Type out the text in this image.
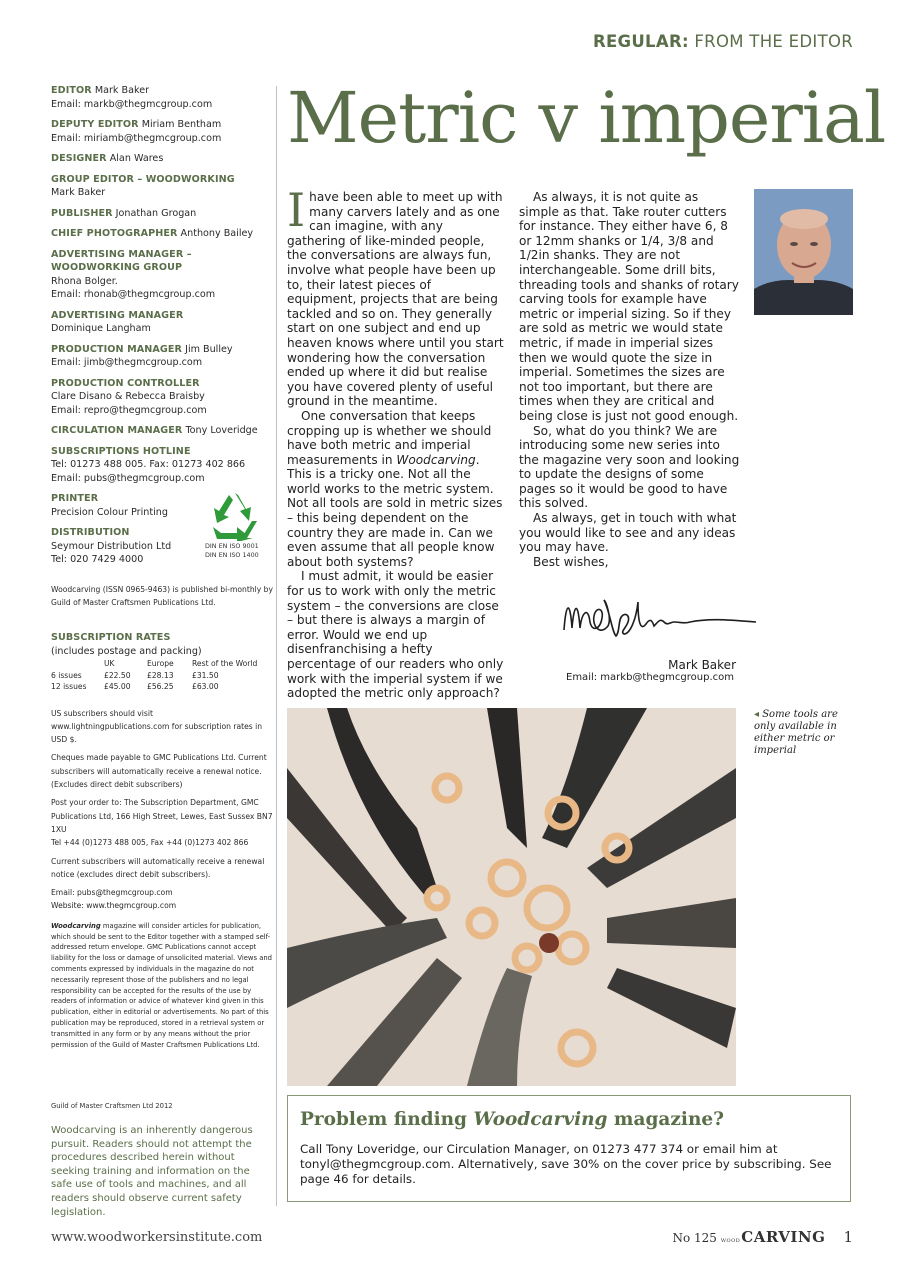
REGULAR: FROM THE EDITOR
EDITOR Mark Baker
Email: markb@thegmcgroup.com
DEPUTY EDITOR Miriam Bentham
Email: miriamb@thegmcgroup.com
DESIGNER Alan Wares
GROUP EDITOR – WOODWORKING
Mark Baker
PUBLISHER Jonathan Grogan
CHIEF PHOTOGRAPHER Anthony Bailey
ADVERTISING MANAGER – WOODWORKING GROUP
Rhona Bolger.
Email: rhonab@thegmcgroup.com
ADVERTISING MANAGER
Dominique Langham
PRODUCTION MANAGER Jim Bulley
Email: jimb@thegmcgroup.com
PRODUCTION CONTROLLER
Clare Disano & Rebecca Braisby
Email: repro@thegmcgroup.com
CIRCULATION MANAGER Tony Loveridge
SUBSCRIPTIONS HOTLINE
Tel: 01273 488 005. Fax: 01273 402 866
Email: pubs@thegmcgroup.com
PRINTER
Precision Colour Printing
DISTRIBUTION
Seymour Distribution Ltd
Tel: 020 7429 4000
DIN EN ISO 9001
DIN EN ISO 1400
Woodcarving (ISSN 0965-9463) is published bi-monthly by Guild of Master Craftsmen Publications Ltd.
SUBSCRIPTION RATES
(includes postage and packing)
	UK	Europe	Rest of the World
6 issues	£22.50	£28.13	£31.50
12 issues	£45.00	£56.25	£63.00
US subscribers should visit www.lightningpublications.com for subscription rates in USD $.
Cheques made payable to GMC Publications Ltd. Current subscribers will automatically receive a renewal notice. (Excludes direct debit subscribers)
Post your order to: The Subscription Department, GMC Publications Ltd, 166 High Street, Lewes, East Sussex BN7 1XU
Tel +44 (0)1273 488 005, Fax +44 (0)1273 402 866
Current subscribers will automatically receive a renewal notice (excludes direct debit subscribers).
Email: pubs@thegmcgroup.com
Website: www.thegmcgroup.com
Woodcarving magazine will consider articles for publication, which should be sent to the Editor together with a stamped self-addressed return envelope. GMC Publications cannot accept liability for the loss or damage of unsolicited material. Views and comments expressed by individuals in the magazine do not necessarily represent those of the publishers and no legal responsibility can be accepted for the results of the use by readers of information or advice of whatever kind given in this publication, either in editorial or advertisements. No part of this publication may be reproduced, stored in a retrieval system or transmitted in any form or by any means without the prior permission of the Guild of Master Craftsmen Publications Ltd.
Guild of Master Craftsmen Ltd 2012
Woodcarving is an inherently dangerous pursuit. Readers should not attempt the procedures described herein without seeking training and information on the safe use of tools and machines, and all readers should observe current safety legislation.
Metric v imperial

Ihave been able to meet up with many carvers lately and as one can imagine, with any gathering of like-minded people, the conversations are always fun, involve what people have been up to, their latest pieces of equipment, projects that are being tackled and so on. They generally start on one subject and end up heaven knows where until you start wondering how the conversation ended up where it did but realise you have covered plenty of useful ground in the meantime.

One conversation that keeps cropping up is whether we should have both metric and imperial measurements in Woodcarving. This is a tricky one. Not all the world works to the metric system. Not all tools are sold in metric sizes – this being dependent on the country they are made in. Can we even assume that all people know about both systems?

I must admit, it would be easier for us to work with only the metric system – the conversions are close – but there is always a margin of error. Would we end up disenfranchising a hefty percentage of our readers who only work with the imperial system if we adopted the metric only approach?

As always, it is not quite as simple as that. Take router cutters for instance. They either have 6, 8 or 12mm shanks or 1/4, 3/8 and 1/2in shanks. They are not interchangeable. Some drill bits, threading tools and shanks of rotary carving tools for example have metric or imperial sizing. So if they are sold as metric we would state metric, if made in imperial sizes then we would quote the size in imperial. Sometimes the sizes are not too important, but there are times when they are critical and being close is just not good enough.

So, what do you think? We are introducing some new series into the magazine very soon and looking to update the designs of some pages so it would be good to have this solved.

As always, get in touch with what you would like to see and any ideas you may have.

Best wishes,

Mark Baker
Email: markb@thegmcgroup.com
◂ Some tools are only available in either metric or imperial
Problem finding Woodcarving magazine?
Call Tony Loveridge, our Circulation Manager, on 01273 477 374 or email him at tonyl@thegmcgroup.com. Alternatively, save 30% on the cover price by subscribing. See page 46 for details.
www.woodworkersinstitute.com	No 125 WOODCARVING 1
